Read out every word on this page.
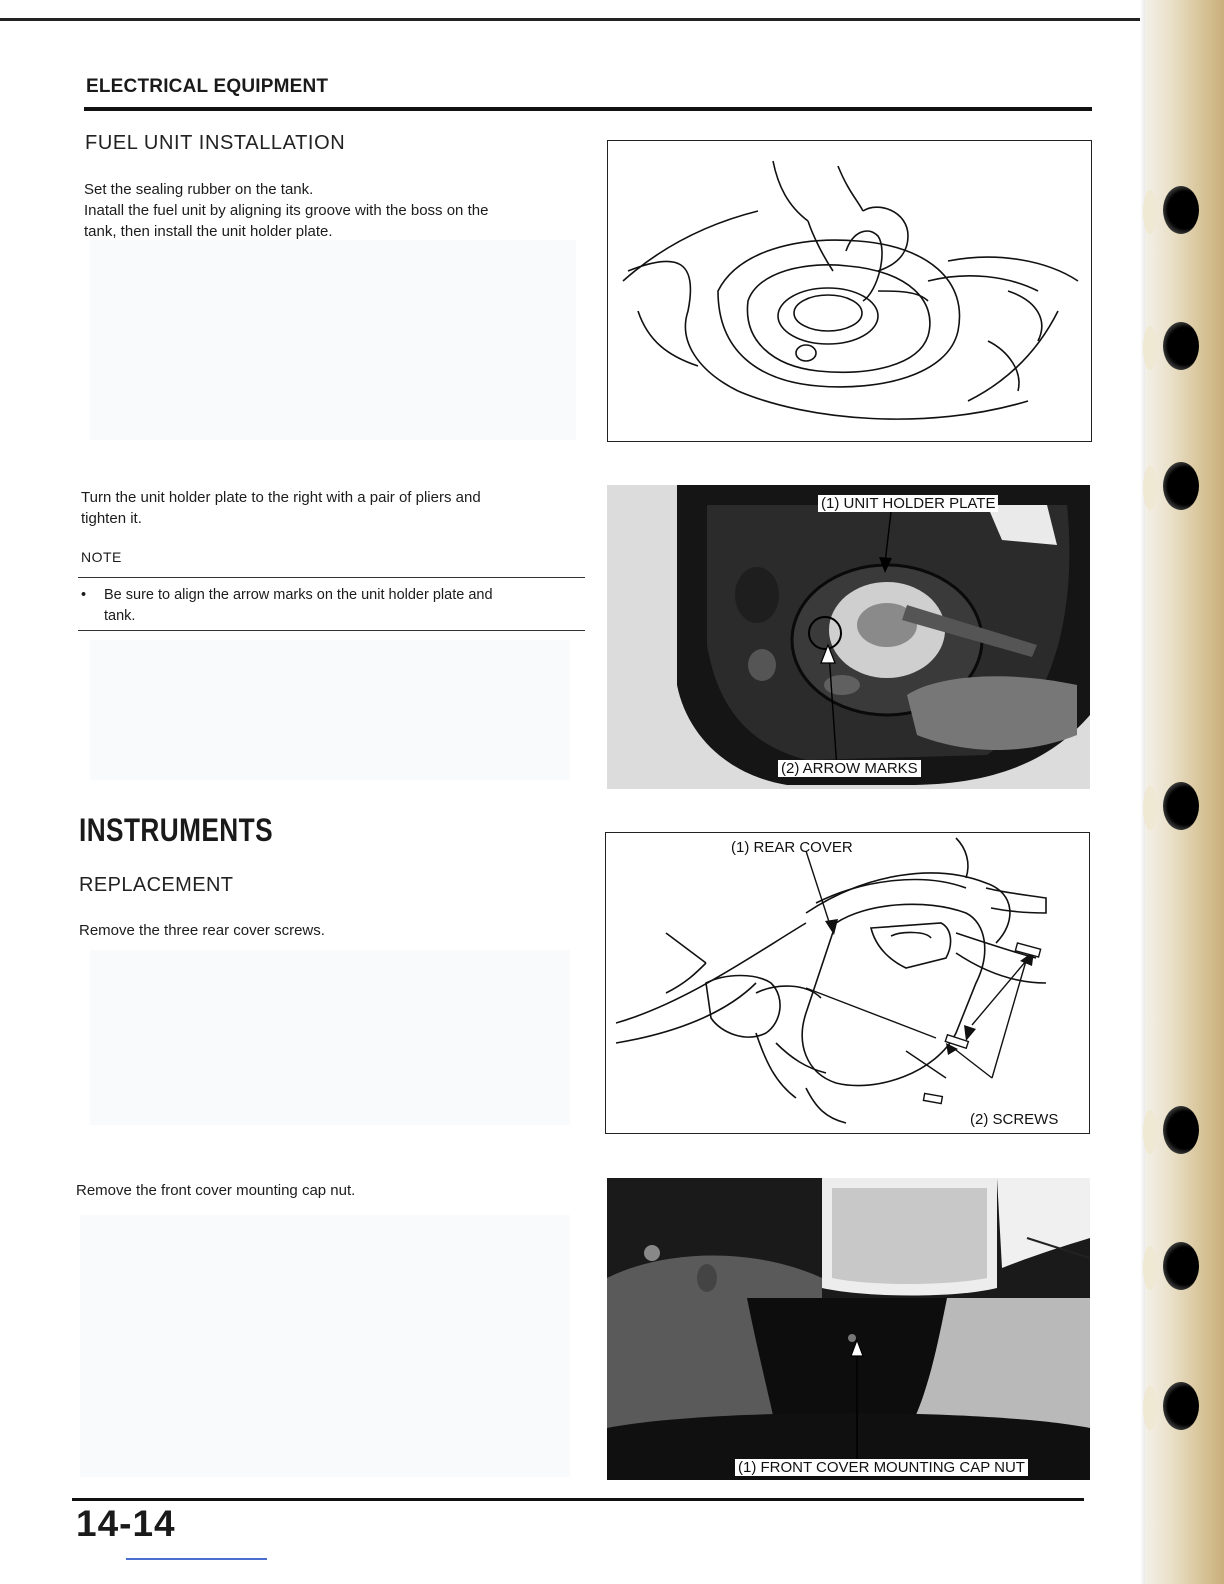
ELECTRICAL EQUIPMENT
FUEL UNIT INSTALLATION
Set the sealing rubber on the tank.
Inatall the fuel unit by aligning its groove with the boss on the
tank, then install the unit holder plate.
Turn the unit holder plate to the right with a pair of pliers and
tighten it.
NOTE
• Be sure to align the arrow marks on the unit holder plate and
tank.
(1) UNIT HOLDER PLATE
(2) ARROW MARKS
INSTRUMENTS
REPLACEMENT
Remove the three rear cover screws.
(1) REAR COVER
(2) SCREWS
Remove the front cover mounting cap nut.
(1) FRONT COVER MOUNTING CAP NUT
14-14
